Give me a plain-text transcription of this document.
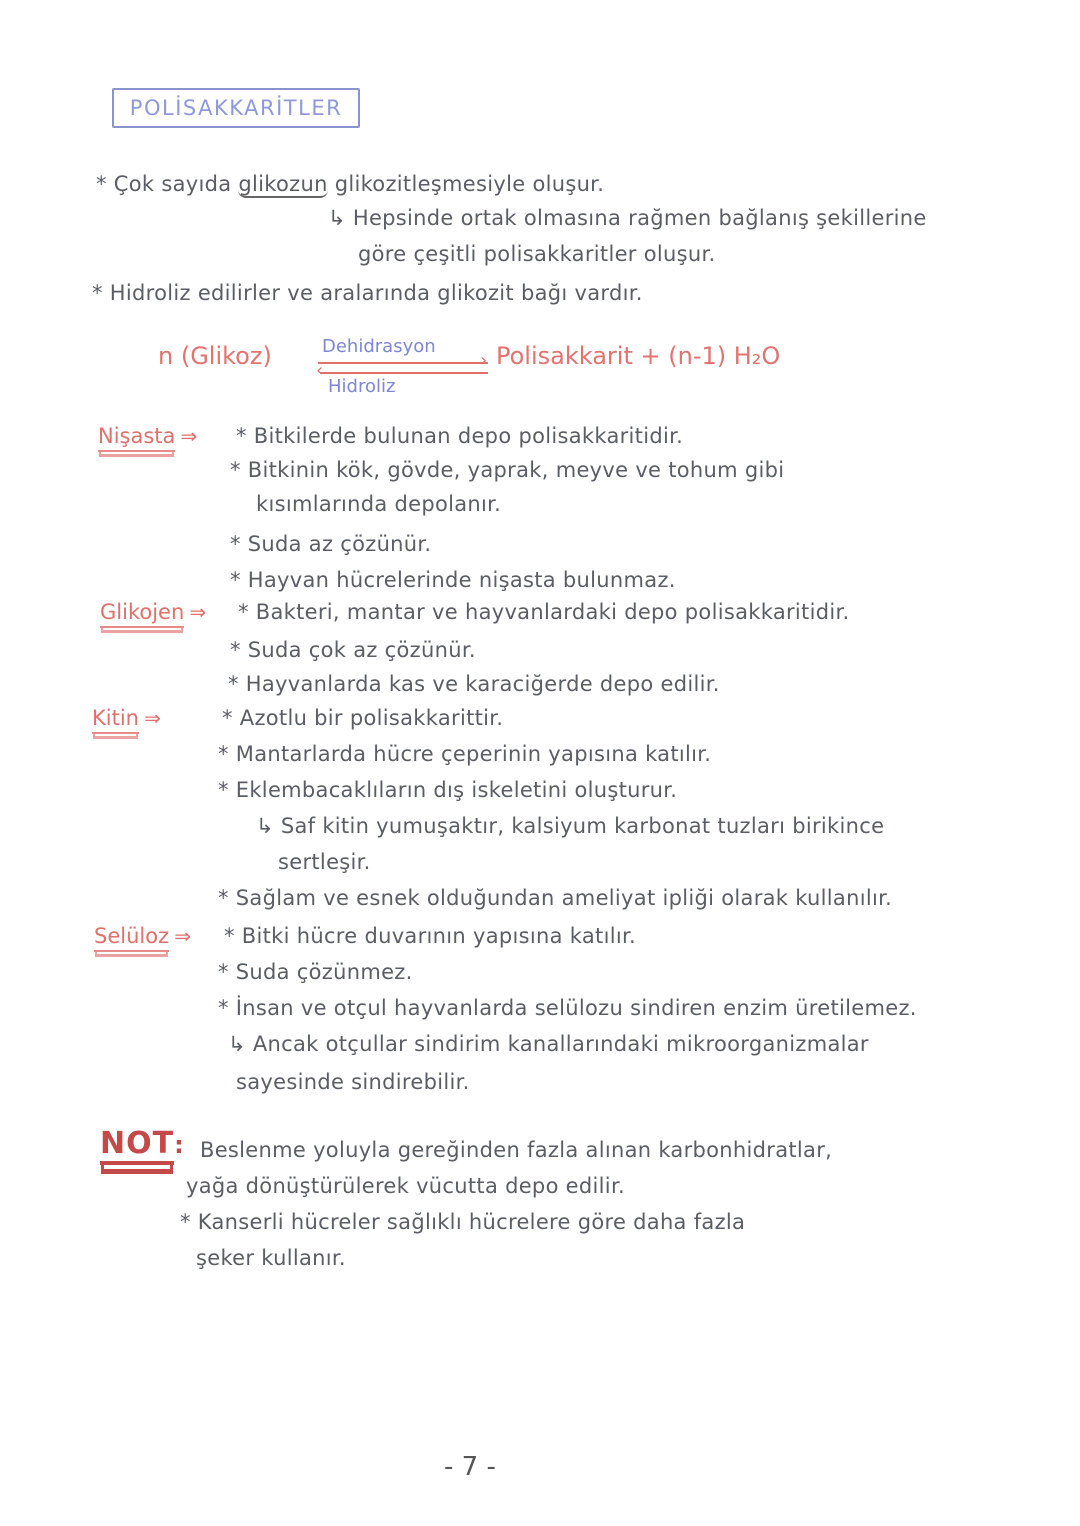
POLİSAKKARİTLER
* Çok sayıda glikozun glikozitleşmesiyle oluşur.
↳ Hepsinde ortak olmasına rağmen bağlanış şekillerine
göre çeşitli polisakkaritler oluşur.
* Hidroliz edilirler ve aralarında glikozit bağı vardır.
n (Glikoz)	Dehidrasyon
›
‹
Hidroliz
Polisakkarit + (n-1) H₂O
Nişasta ⇒ * Bitkilerde bulunan depo polisakkaritidir.
* Bitkinin kök, gövde, yaprak, meyve ve tohum gibi
kısımlarında depolanır.
* Suda az çözünür.
* Hayvan hücrelerinde nişasta bulunmaz.
Glikojen ⇒ * Bakteri, mantar ve hayvanlardaki depo polisakkaritidir.
* Suda çok az çözünür.
* Hayvanlarda kas ve karaciğerde depo edilir.
Kitin ⇒	* Azotlu bir polisakkarittir.
* Mantarlarda hücre çeperinin yapısına katılır.
* Eklembacaklıların dış iskeletini oluşturur.
↳ Saf kitin yumuşaktır, kalsiyum karbonat tuzları birikince
sertleşir.
* Sağlam ve esnek olduğundan ameliyat ipliği olarak kullanılır.
Selüloz ⇒ * Bitki hücre duvarının yapısına katılır.
* Suda çözünmez.
* İnsan ve otçul hayvanlarda selülozu sindiren enzim üretilemez.
↳ Ancak otçullar sindirim kanallarındaki mikroorganizmalar
sayesinde sindirebilir.
NOT: Beslenme yoluyla gereğinden fazla alınan karbonhidratlar,
yağa dönüştürülerek vücutta depo edilir.
* Kanserli hücreler sağlıklı hücrelere göre daha fazla
şeker kullanır.
- 7 -
